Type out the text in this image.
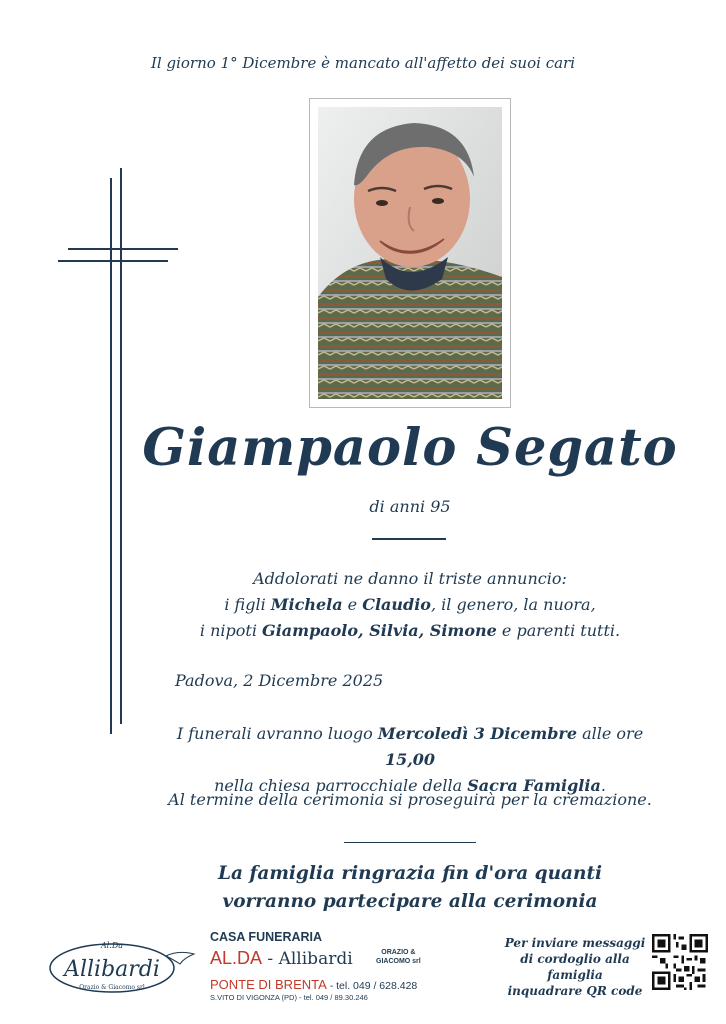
Il giorno 1° Dicembre è mancato all'affetto dei suoi cari
Giampaolo Segato
di anni 95
Addolorati ne danno il triste annuncio:
i figli Michela e Claudio, il genero, la nuora,
i nipoti Giampaolo, Silvia, Simone e parenti tutti.
Padova, 2 Dicembre 2025
I funerali avranno luogo Mercoledì 3 Dicembre alle ore 15,00
nella chiesa parrocchiale della Sacra Famiglia.
Al termine della cerimonia si proseguirà per la cremazione.
La famiglia ringrazia fin d'ora quanti
vorranno partecipare alla cerimonia
Al.Da
Allibardi
Orazio & Giacomo srl
CASA FUNERARIA
AL.DA - Allibardi	ORAZIO &
GIACOMO srl
PONTE DI BRENTA - tel. 049 / 628.428
S.VITO DI VIGONZA (PD) - tel. 049 / 89.30.246
Per inviare messaggi
di cordoglio alla famiglia
inquadrare QR code
